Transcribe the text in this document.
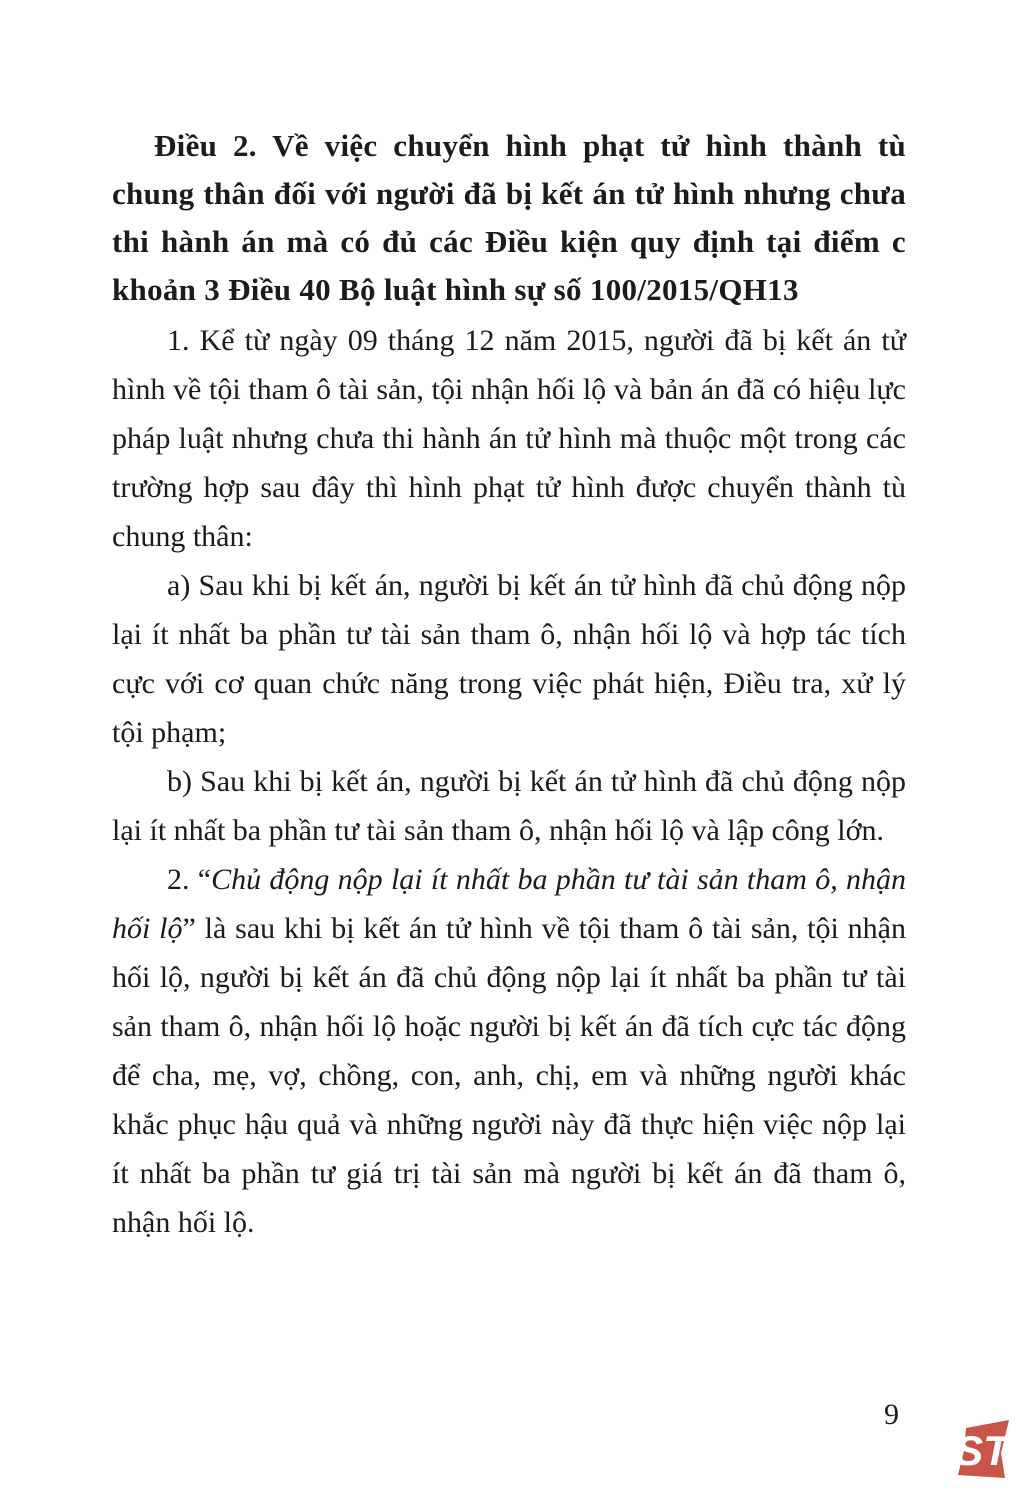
Điều 2. Về việc chuyển hình phạt tử hình thành tù chung thân đối với người đã bị kết án tử hình nhưng chưa thi hành án mà có đủ các Điều kiện quy định tại điểm c khoản 3 Điều 40 Bộ luật hình sự số 100/2015/QH13

1. Kể từ ngày 09 tháng 12 năm 2015, người đã bị kết án tử hình về tội tham ô tài sản, tội nhận hối lộ và bản án đã có hiệu lực pháp luật nhưng chưa thi hành án tử hình mà thuộc một trong các trường hợp sau đây thì hình phạt tử hình được chuyển thành tù chung thân:

a) Sau khi bị kết án, người bị kết án tử hình đã chủ động nộp lại ít nhất ba phần tư tài sản tham ô, nhận hối lộ và hợp tác tích cực với cơ quan chức năng trong việc phát hiện, Điều tra, xử lý tội phạm;

b) Sau khi bị kết án, người bị kết án tử hình đã chủ động nộp lại ít nhất ba phần tư tài sản tham ô, nhận hối lộ và lập công lớn.

2. “Chủ động nộp lại ít nhất ba phần tư tài sản tham ô, nhận hối lộ” là sau khi bị kết án tử hình về tội tham ô tài sản, tội nhận hối lộ, người bị kết án đã chủ động nộp lại ít nhất ba phần tư tài sản tham ô, nhận hối lộ hoặc người bị kết án đã tích cực tác động để cha, mẹ, vợ, chồng, con, anh, chị, em và những người khác khắc phục hậu quả và những người này đã thực hiện việc nộp lại ít nhất ba phần tư giá trị tài sản mà người bị kết án đã tham ô, nhận hối lộ.

9
ST
